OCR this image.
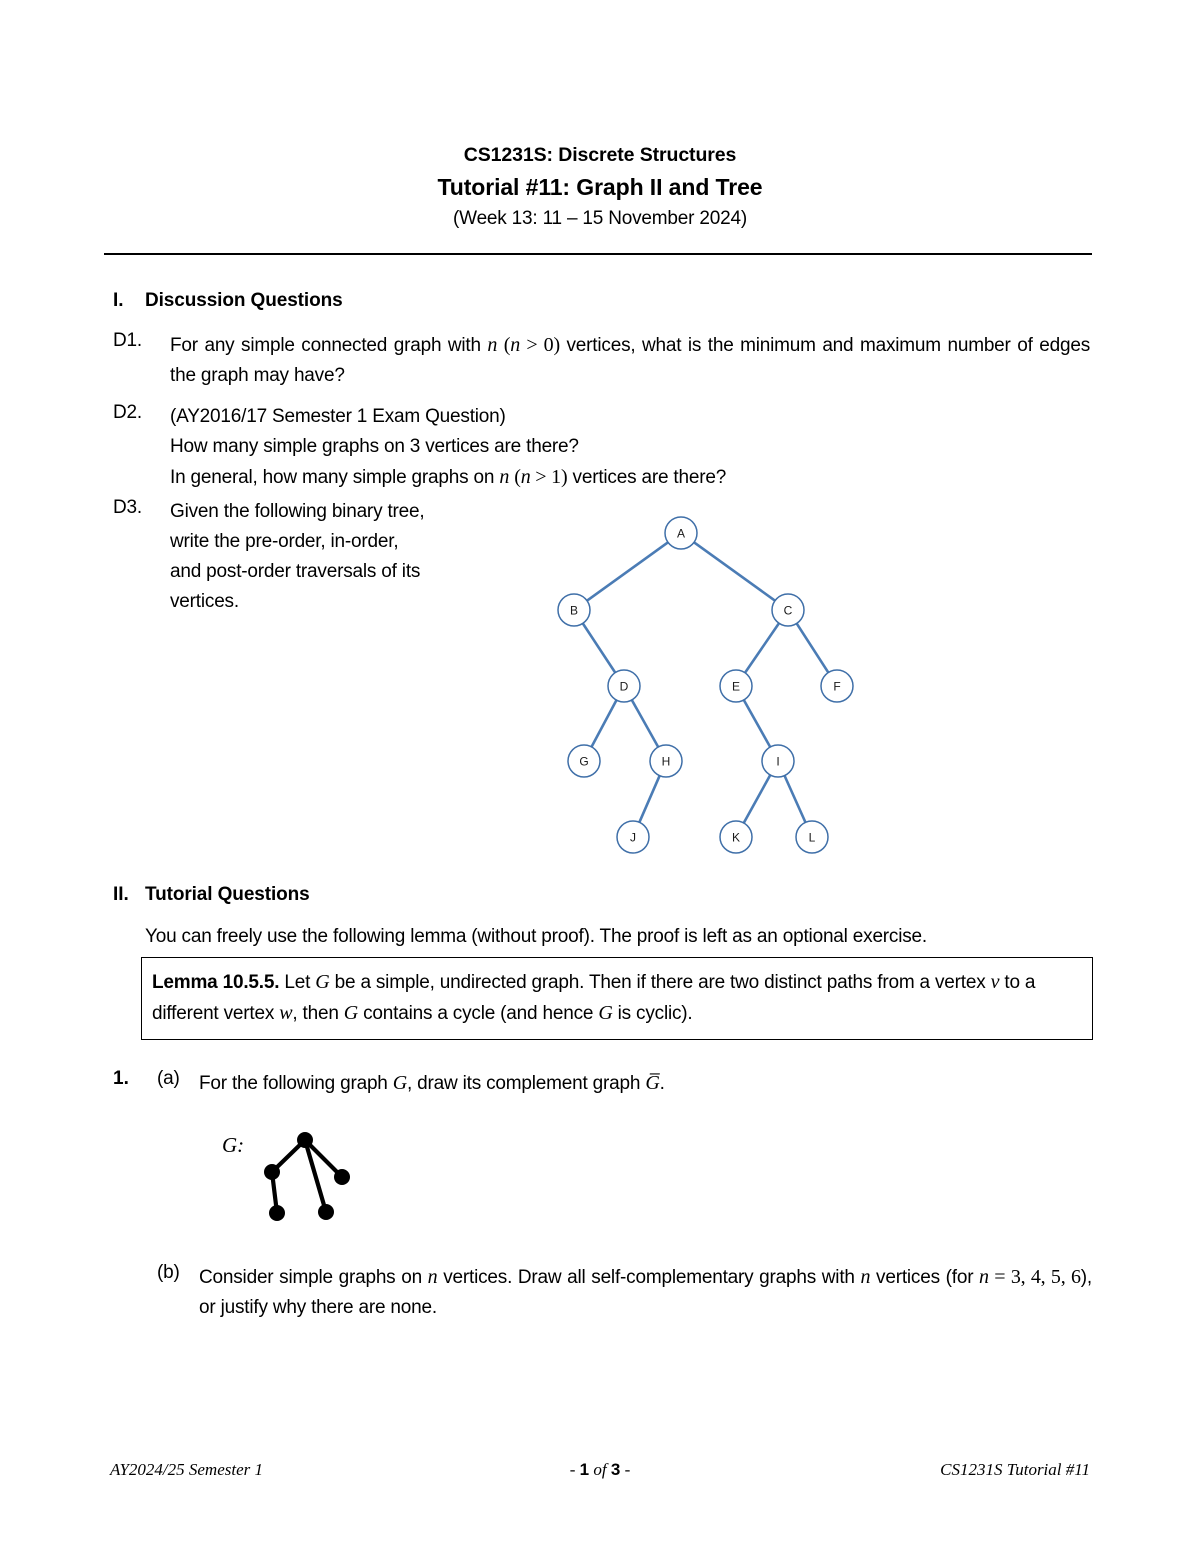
CS1231S: Discrete Structures
Tutorial #11: Graph II and Tree
(Week 13: 11 – 15 November 2024)
I. Discussion Questions
D1. For any simple connected graph with n (n > 0) vertices, what is the minimum and maximum number of edges the graph may have?
D2. (AY2016/17 Semester 1 Exam Question)
How many simple graphs on 3 vertices are there?
In general, how many simple graphs on n (n > 1) vertices are there?
D3. Given the following binary tree,
write the pre-order, in-order,
and post-order traversals of its
vertices.
A
B	C
D	E	F
G	H	I
J	K	L
II. Tutorial Questions
You can freely use the following lemma (without proof). The proof is left as an optional exercise.
Lemma 10.5.5. Let G be a simple, undirected graph. Then if there are two distinct paths from a vertex v to a different vertex w, then G contains a cycle (and hence G is cyclic).
1. (a) For the following graph G, draw its complement graph G̅.
G:
(b) Consider simple graphs on n vertices. Draw all self-complementary graphs with n vertices (for n = 3, 4, 5, 6), or justify why there are none.
AY2024/25 Semester 1	- 1 of 3 -	CS1231S Tutorial #11
